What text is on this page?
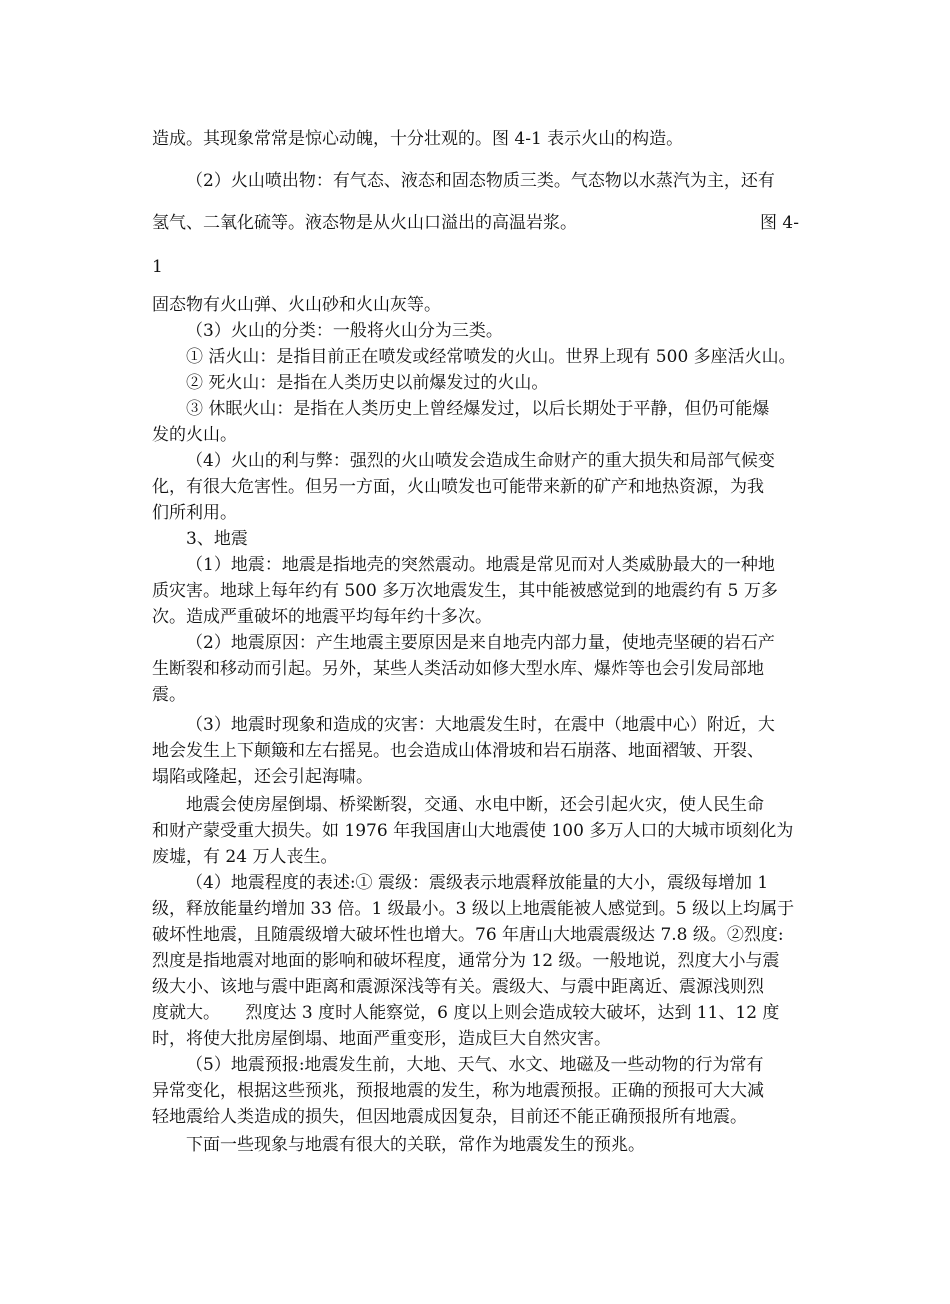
造成。其现象常常是惊心动魄，十分壮观的。图 4-1 表示火山的构造。
（2）火山喷出物：有气态、液态和固态物质三类。气态物以水蒸汽为主，还有
氢气、二氧化硫等。液态物是从火山口溢出的高温岩浆。	图 4-
1
固态物有火山弹、火山砂和火山灰等。
（3）火山的分类：一般将火山分为三类。
① 活火山：是指目前正在喷发或经常喷发的火山。世界上现有 500 多座活火山。
② 死火山：是指在人类历史以前爆发过的火山。
③ 休眠火山：是指在人类历史上曾经爆发过，以后长期处于平静，但仍可能爆
发的火山。
（4）火山的利与弊：强烈的火山喷发会造成生命财产的重大损失和局部气候变
化，有很大危害性。但另一方面，火山喷发也可能带来新的矿产和地热资源，为我
们所利用。
3、地震
（1）地震：地震是指地壳的突然震动。地震是常见而对人类威胁最大的一种地
质灾害。地球上每年约有 500 多万次地震发生，其中能被感觉到的地震约有 5 万多
次。造成严重破坏的地震平均每年约十多次。
（2）地震原因：产生地震主要原因是来自地壳内部力量，使地壳坚硬的岩石产
生断裂和移动而引起。另外，某些人类活动如修大型水库、爆炸等也会引发局部地
震。
（3）地震时现象和造成的灾害：大地震发生时，在震中（地震中心）附近，大
地会发生上下颠簸和左右摇晃。也会造成山体滑坡和岩石崩落、地面褶皱、开裂、
塌陷或隆起，还会引起海啸。
地震会使房屋倒塌、桥梁断裂，交通、水电中断，还会引起火灾，使人民生命
和财产蒙受重大损失。如 1976 年我国唐山大地震使 100 多万人口的大城市顷刻化为
废墟，有 24 万人丧生。
（4）地震程度的表述:① 震级：震级表示地震释放能量的大小，震级每增加 1
级，释放能量约增加 33 倍。1 级最小。3 级以上地震能被人感觉到。5 级以上均属于
破坏性地震，且随震级增大破坏性也增大。76 年唐山大地震震级达 7.8 级。②烈度:
烈度是指地震对地面的影响和破坏程度，通常分为 12 级。一般地说，烈度大小与震
级大小、该地与震中距离和震源深浅等有关。震级大、与震中距离近、震源浅则烈
度就大。　　烈度达 3 度时人能察觉，6 度以上则会造成较大破坏，达到 11、12 度
时，将使大批房屋倒塌、地面严重变形，造成巨大自然灾害。
（5）地震预报:地震发生前，大地、天气、水文、地磁及一些动物的行为常有
异常变化，根据这些预兆，预报地震的发生，称为地震预报。正确的预报可大大减
轻地震给人类造成的损失，但因地震成因复杂，目前还不能正确预报所有地震。
下面一些现象与地震有很大的关联，常作为地震发生的预兆。
